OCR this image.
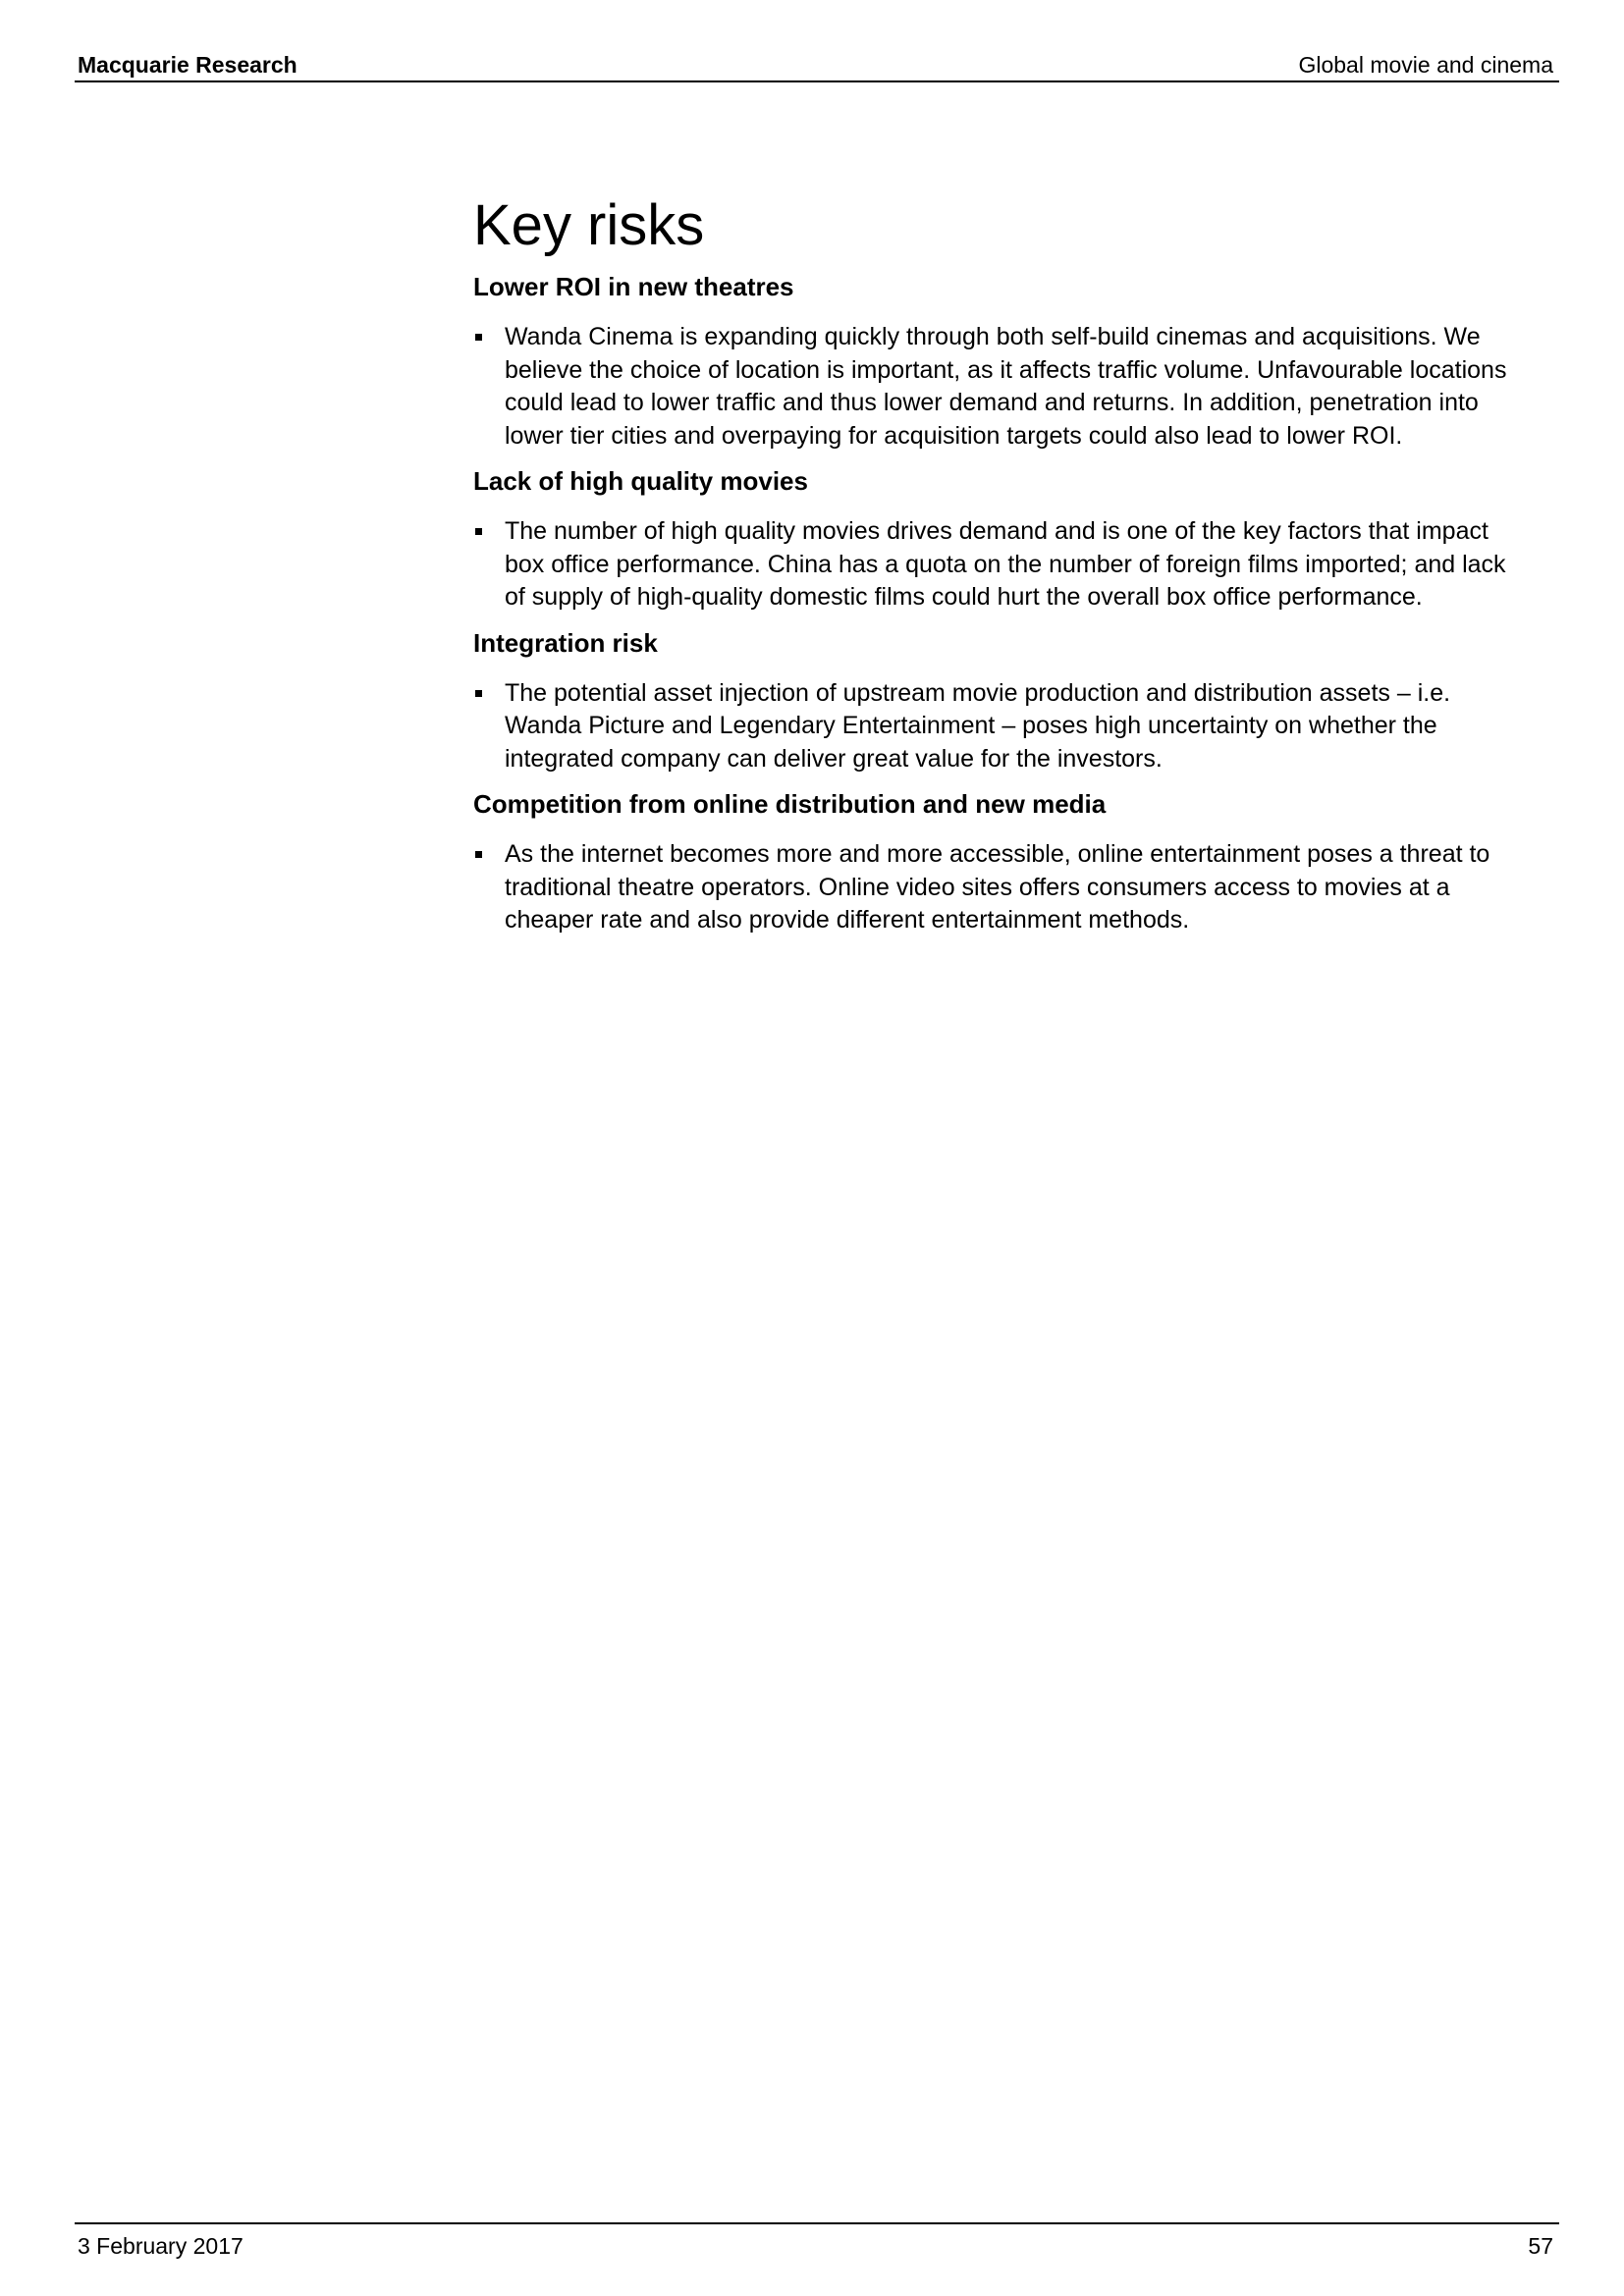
Macquarie Research	Global movie and cinema
Key risks
Lower ROI in new theatres
Wanda Cinema is expanding quickly through both self-build cinemas and acquisitions. We believe the choice of location is important, as it affects traffic volume. Unfavourable locations could lead to lower traffic and thus lower demand and returns. In addition, penetration into lower tier cities and overpaying for acquisition targets could also lead to lower ROI.
Lack of high quality movies
The number of high quality movies drives demand and is one of the key factors that impact box office performance. China has a quota on the number of foreign films imported; and lack of supply of high-quality domestic films could hurt the overall box office performance.
Integration risk
The potential asset injection of upstream movie production and distribution assets – i.e. Wanda Picture and Legendary Entertainment – poses high uncertainty on whether the integrated company can deliver great value for the investors.
Competition from online distribution and new media
As the internet becomes more and more accessible, online entertainment poses a threat to traditional theatre operators. Online video sites offers consumers access to movies at a cheaper rate and also provide different entertainment methods.
3 February 2017	57
